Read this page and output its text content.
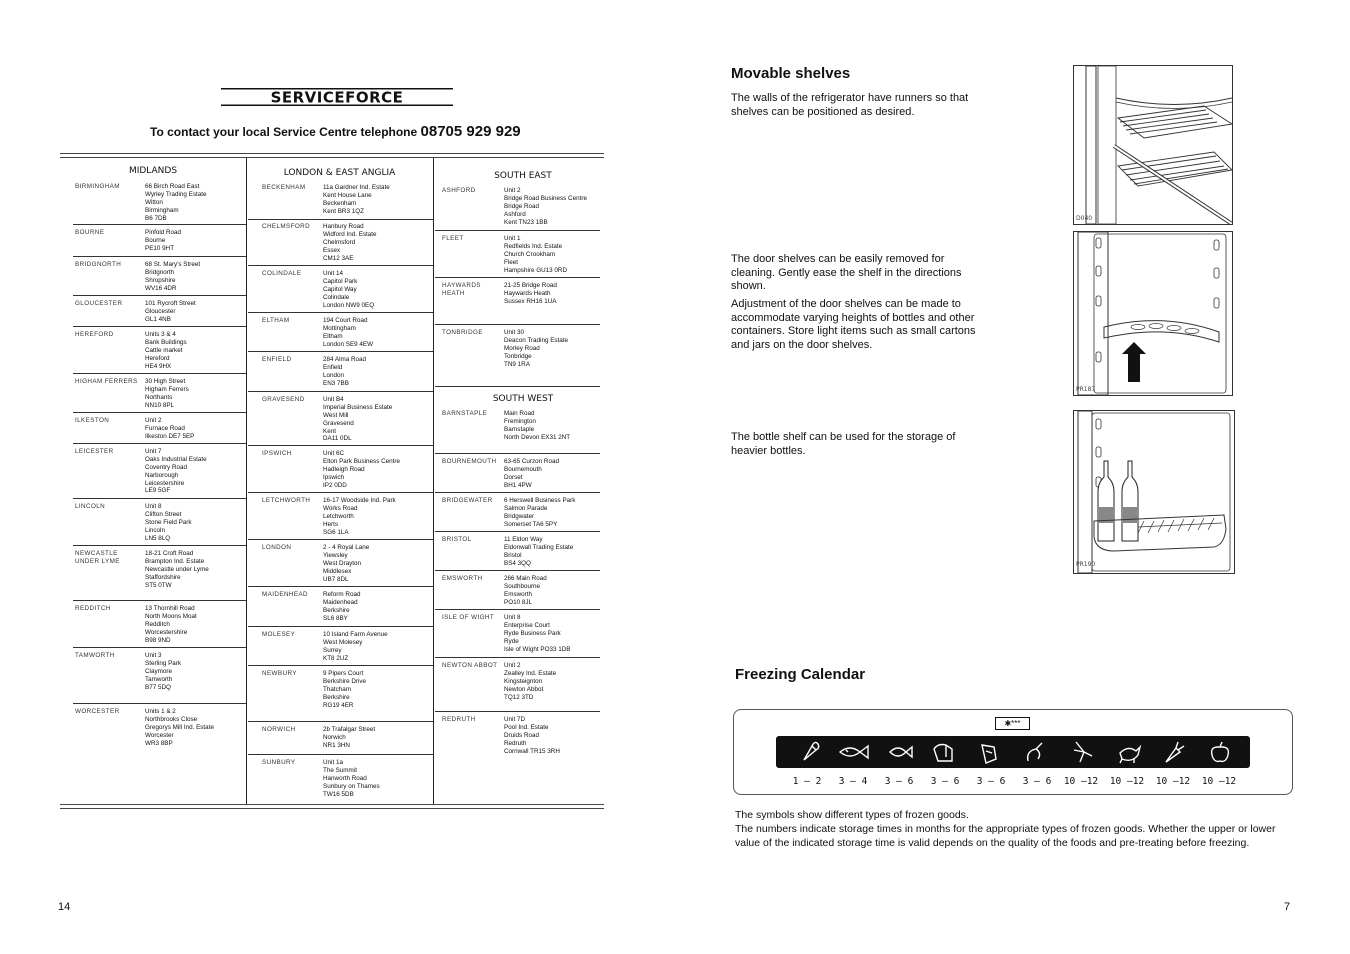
SERVICEFORCE
To contact your local Service Centre telephone 08705 929 929
MIDLANDS	LONDON & EAST ANGLIA	SOUTH EAST
SOUTH WEST
BIRMINGHAM	66 Birch Road East
Wyrley Trading Estate
Witton
Birmingham
B6 7DB
BOURNE	Pinfold Road
Bourne
PE10 9HT
BRIDGNORTH	68 St. Mary's Street
Bridgnorth
Shropshire
WV16 4DR
GLOUCESTER	101 Rycroft Street
Gloucester
GL1 4NB
HEREFORD	Units 3 & 4
Bank Buildings
Cattle market
Hereford
HE4 9HX
HIGHAM FERRERS 30 High Street
Higham Ferrers
Northants
NN10 8PL
ILKESTON	Unit 2
Furnace Road
Ilkeston DE7 5EP
LEICESTER	Unit 7
Oaks Industrial Estate
Coventry Road
Narborough
Leicestershire
LE9 5GF
LINCOLN	Unit 8
Clifton Street
Stone Field Park
Lincoln
LN5 8LQ
NEWCASTLE
UNDER LYME
18-21 Croft Road
Brampton Ind. Estate
Newcastle under Lyme
Staffordshire
ST5 0TW
REDDITCH	13 Thornhill Road
North Moons Moat
Redditch
Worcestershire
B98 9ND
TAMWORTH	Unit 3
Sterling Park
Claymore
Tamworth
B77 5DQ
WORCESTER	Units 1 & 2
Northbrooks Close
Gregorys Mill Ind. Estate
Worcester
WR3 8BP
BECKENHAM	11a Gardner Ind. Estate
Kent House Lane
Beckenham
Kent BR3 1QZ
CHELMSFORD Hanbury Road
Widford Ind. Estate
Chelmsford
Essex
CM12 3AE
COLINDALE	Unit 14
Capitol Park
Capitol Way
Colindale
London NW9 0EQ
ELTHAM	194 Court Road
Mottingham
Eltham
London SE9 4EW
ENFIELD	284 Alma Road
Enfield
London
EN3 7BB
GRAVESEND	Unit B4
Imperial Business Estate
West Mill
Gravesend
Kent
DA11 0DL
IPSWICH	Unit 6C
Elton Park Business Centre
Hadleigh Road
Ipswich
IP2 0DD
LETCHWORTH 16-17 Woodside Ind. Park
Works Road
Letchworth
Herts
SG6 1LA
LONDON	2 - 4 Royal Lane
Yiewsley
West Drayton
Middlesex
UB7 8DL
MAIDENHEAD Reform Road
Maidenhead
Berkshire
SL6 8BY
MOLESEY	10 Island Farm Avenue
West Molesey
Surrey
KT8 2UZ
NEWBURY	9 Pipers Court
Berkshire Drive
Thatcham
Berkshire
RG19 4ER
NORWICH	2b Trafalgar Street
Norwich
NR1 3HN
SUNBURY	Unit 1a
The Summit
Hanworth Road
Sunbury on Thames
TW16 5DB
ASHFORD	Unit 2
Bridge Road Business Centre
Bridge Road
Ashford
Kent TN23 1BB
FLEET	Unit 1
Redfields Ind. Estate
Church Crookham
Fleet
Hampshire GU13 0RD
HAYWARDS
HEATH
21-25 Bridge Road
Haywards Heath
Sussex RH16 1UA
TONBRIDGE	Unit 30
Deacon Trading Estate
Morley Road
Tonbridge
TN9 1RA
BARNSTAPLE	Main Road
Fremington
Barnstaple
North Devon EX31 2NT
BOURNEMOUTH 63-65 Curzon Road
Bournemouth
Dorset
BH1 4PW
BRIDGEWATER 6 Herswell Business Park
Salmon Parade
Bridgwater
Somerset TA6 5PY
BRISTOL	11 Eldon Way
Eldonwall Trading Estate
Bristol
BS4 3QQ
EMSWORTH	266 Main Road
Southbourne
Emsworth
PO10 8JL
ISLE OF WIGHT Unit 8
Enterprise Court
Ryde Business Park
Ryde
Isle of Wight PO33 1DB
NEWTON ABBOT Unit 2
Zealley Ind. Estate
Kingsteignton
Newton Abbot
TQ12 3TD
REDRUTH	Unit 7D
Pool Ind. Estate
Druids Road
Redruth
Cornwall TR15 3RH
14
Movable shelves
The walls of the refrigerator have runners so that shelves can be positioned as desired.
The door shelves can be easily removed for cleaning. Gently ease the shelf in the directions shown.
Adjustment of the door shelves can be made to accommodate varying heights of bottles and other containers. Store light items such as small cartons and jars on the door shelves.
The bottle shelf can be used for the storage of heavier bottles.
D040
PR187
PR190
Freezing Calendar
✱***
1 – 2	3 – 4	3 – 6	3 – 6	3 – 6	3 – 6	10 –12	10 –12	10 –12	10 –12
The symbols show different types of frozen goods.
The numbers indicate storage times in months for the appropriate types of frozen goods. Whether the upper or lower
value of the indicated storage time is valid depends on the quality of the foods and pre-treating before freezing.
7
